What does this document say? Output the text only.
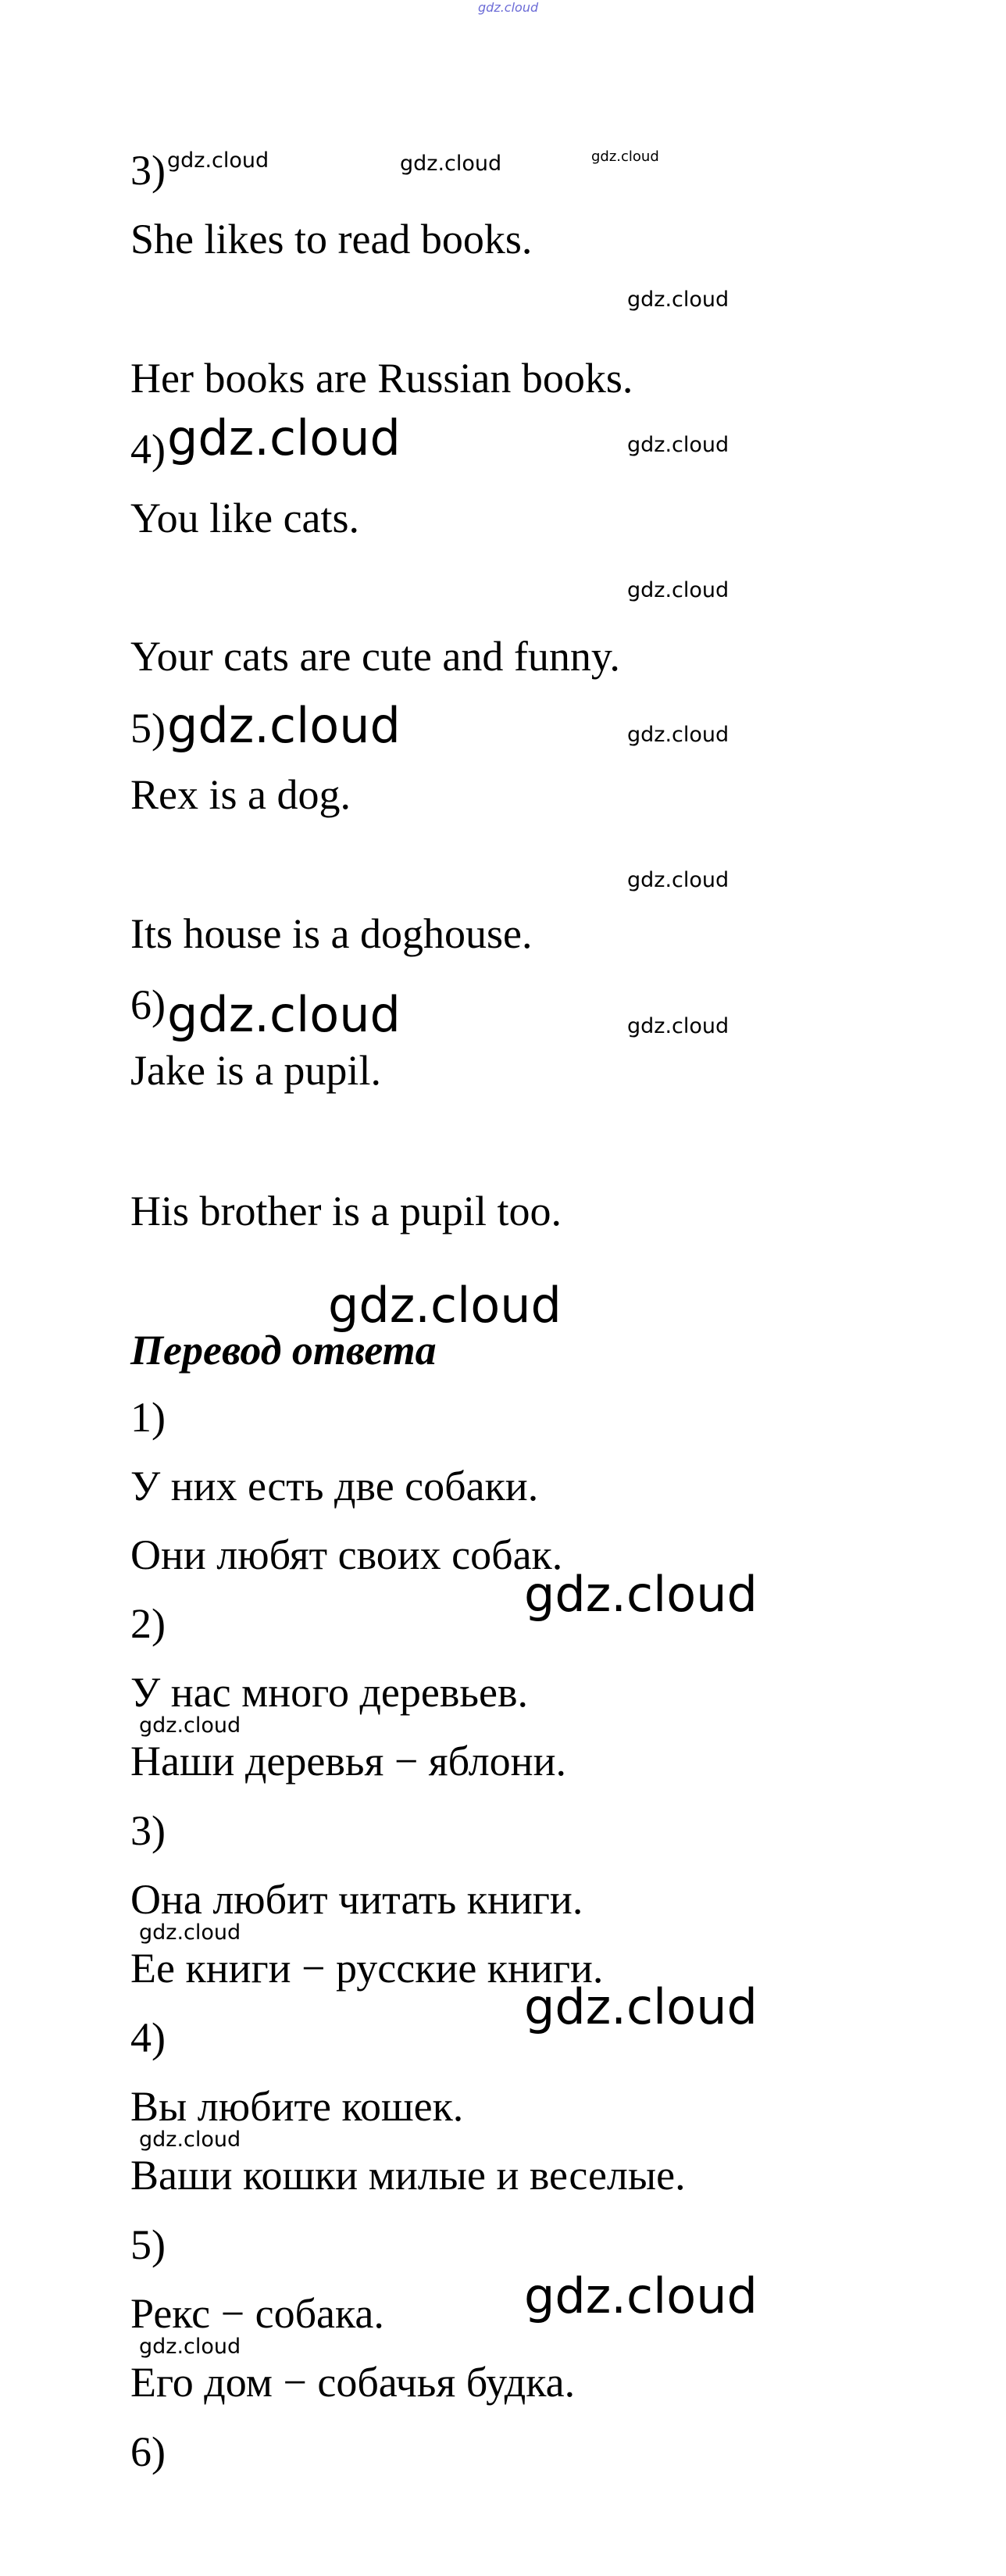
gdz.cloud
gdz.cloud	gdz.cloud	gdz.cloud
gdz.cloud
gdz.cloud	gdz.cloud
gdz.cloud
gdz.cloud	gdz.cloud
gdz.cloud
gdz.cloud	gdz.cloud
gdz.cloud
gdz.cloud
gdz.cloud
gdz.cloud
gdz.cloud
gdz.cloud
gdz.cloud
gdz.cloud
3)
She likes to read books.
Her books are Russian books.
4)
You like cats.
Your cats are cute and funny.
5)
Rex is a dog.
Its house is a doghouse.
6)
Jake is a pupil.
His brother is a pupil too.
Перевод ответа
1)
У них есть две собаки.
Они любят своих собак.
2)
У нас много деревьев.
Наши деревья − яблони.
3)
Она любит читать книги.
Ее книги − русские книги.
4)
Вы любите кошек.
Ваши кошки милые и веселые.
5)
Рекс − собака.
Его дом − собачья будка.
6)
